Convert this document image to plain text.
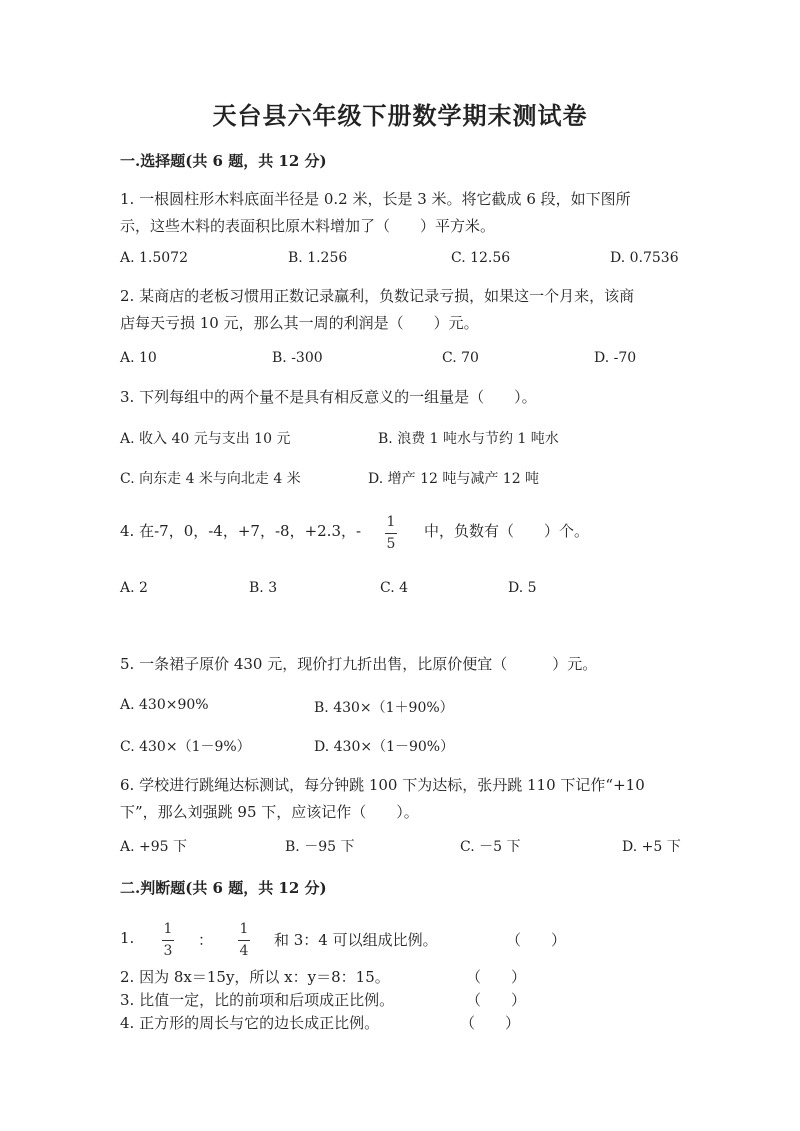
天台县六年级下册数学期末测试卷
一.选择题(共 6 题，共 12 分)
1. 一根圆柱形木料底面半径是 0.2 米，长是 3 米。将它截成 6 段，如下图所
示，这些木料的表面积比原木料增加了（　　）平方米。
A. 1.5072	B. 1.256	C. 12.56	D. 0.7536
2. 某商店的老板习惯用正数记录赢利，负数记录亏损，如果这一个月来，该商
店每天亏损 10 元，那么其一周的利润是（　　）元。
A. 10	B. -300	C. 70	D. -70
3. 下列每组中的两个量不是具有相反意义的一组量是（　　）。
A. 收入 40 元与支出 10 元	B. 浪费 1 吨水与节约 1 吨水
C. 向东走 4 米与向北走 4 米	D. 增产 12 吨与减产 12 吨
4. 在-7，0，-4，+7，-8，+2.3，- 1
5
中，负数有（　　）个。
A. 2	B. 3	C. 4	D. 5
5. 一条裙子原价 430 元，现价打九折出售，比原价便宜（　　　）元。
A. 430×90%	B. 430×（1＋90%）
C. 430×（1－9%）	D. 430×（1－90%）
6. 学校进行跳绳达标测试，每分钟跳 100 下为达标，张丹跳 110 下记作“+10
下”，那么刘强跳 95 下，应该记作（　　）。
A. +95 下	B. －95 下	C. －5 下	D. +5 下
二.判断题(共 6 题，共 12 分)
1. 1
3
：
1
4
和 3：4 可以组成比例。	（　　）
2. 因为 8x＝15y，所以 x：y＝8：15。	（　　）
3. 比值一定，比的前项和后项成正比例。	（　　）
4. 正方形的周长与它的边长成正比例。	（　　）
